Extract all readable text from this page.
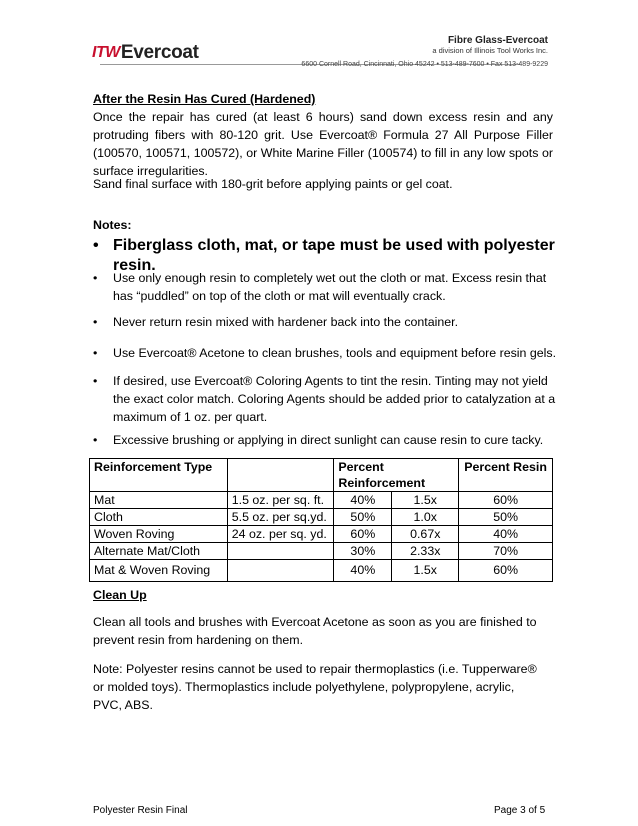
ITW Evercoat
Fibre Glass-Evercoat
a division of Illinois Tool Works Inc.
6600 Cornell Road, Cincinnati, Ohio 45242 • 513-489-7600 • Fax 513-489-9229
After the Resin Has Cured (Hardened)
Once the repair has cured (at least 6 hours) sand down excess resin and any protruding fibers with 80-120 grit. Use Evercoat® Formula 27 All Purpose Filler (100570, 100571, 100572), or White Marine Filler (100574) to fill in any low spots or surface irregularities.
Sand final surface with 180-grit before applying paints or gel coat.
Notes:
• Fiberglass cloth, mat, or tape must be used with polyester resin.
•	Use only enough resin to completely wet out the cloth or mat. Excess resin that has “puddled” on top of the cloth or mat will eventually crack.
•	Never return resin mixed with hardener back into the container.
•	Use Evercoat® Acetone to clean brushes, tools and equipment before resin gels.
•	If desired, use Evercoat® Coloring Agents to tint the resin. Tinting may not yield the exact color match. Coloring Agents should be added prior to catalyzation at a maximum of 1 oz. per quart.
•	Excessive brushing or applying in direct sunlight can cause resin to cure tacky.
Reinforcement Type		Percent Reinforcement		Percent Resin
Mat	1.5 oz. per sq. ft.	40%	1.5x	60%
Cloth	5.5 oz. per sq.yd.	50%	1.0x	50%
Woven Roving	24 oz. per sq. yd.	60%	0.67x	40%
Alternate Mat/Cloth		30%	2.33x	70%
Mat & Woven Roving		40%	1.5x	60%
Clean Up
Clean all tools and brushes with Evercoat Acetone as soon as you are finished to prevent resin from hardening on them.
Note: Polyester resins cannot be used to repair thermoplastics (i.e. Tupperware® or molded toys). Thermoplastics include polyethylene, polypropylene, acrylic, PVC, ABS.
Polyester Resin Final	Page 3 of 5
